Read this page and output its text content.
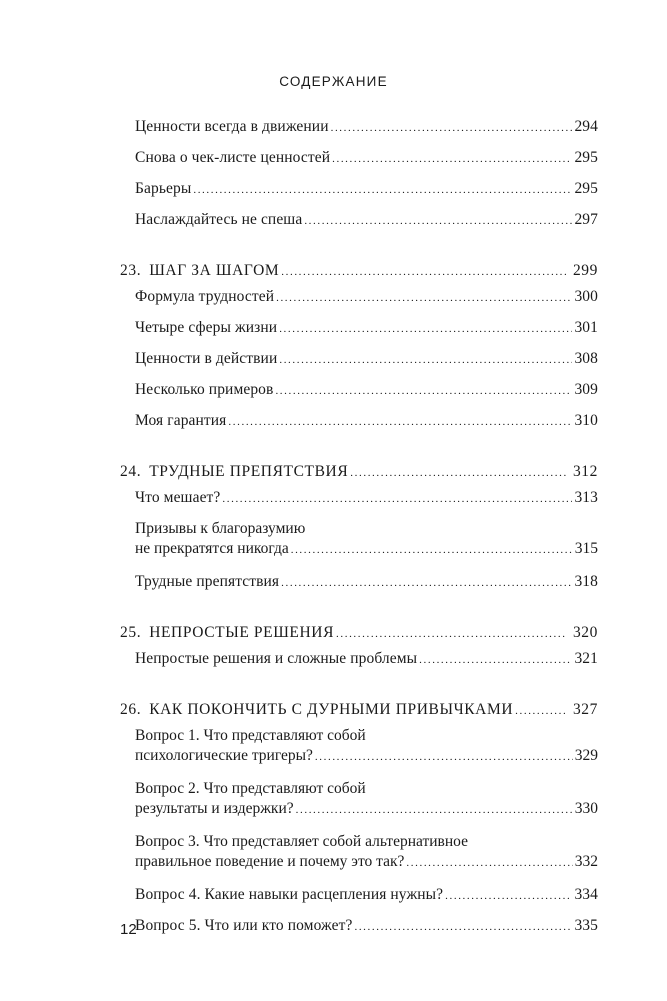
СОДЕРЖАНИЕ
Ценности всегда в движении .....	294
Снова о чек-листе ценностей .....	295
Барьеры .....	295
Наслаждайтесь не спеша .....	297
23. ШАГ ЗА ШАГОМ .....	299
Формула трудностей .....	300
Четыре сферы жизни .....	301
Ценности в действии .....	308
Несколько примеров .....	309
Моя гарантия .....	310
24. ТРУДНЫЕ ПРЕПЯТСТВИЯ .....	312
Что мешает? .....	313
Призывы к благоразумию
не прекратятся никогда .....	315
Трудные препятствия .....	318
25. НЕПРОСТЫЕ РЕШЕНИЯ .....	320
Непростые решения и сложные проблемы .....	321
26. КАК ПОКОНЧИТЬ С ДУРНЫМИ ПРИВЫЧКАМИ .....	327
Вопрос 1. Что представляют собой
психологические тригеры? .....	329
Вопрос 2. Что представляют собой
результаты и издержки? .....	330
Вопрос 3. Что представляет собой альтернативное
правильное поведение и почему это так? .....	332
Вопрос 4. Какие навыки расцепления нужны? .....	334
Вопрос 5. Что или кто поможет? .....	335
12
